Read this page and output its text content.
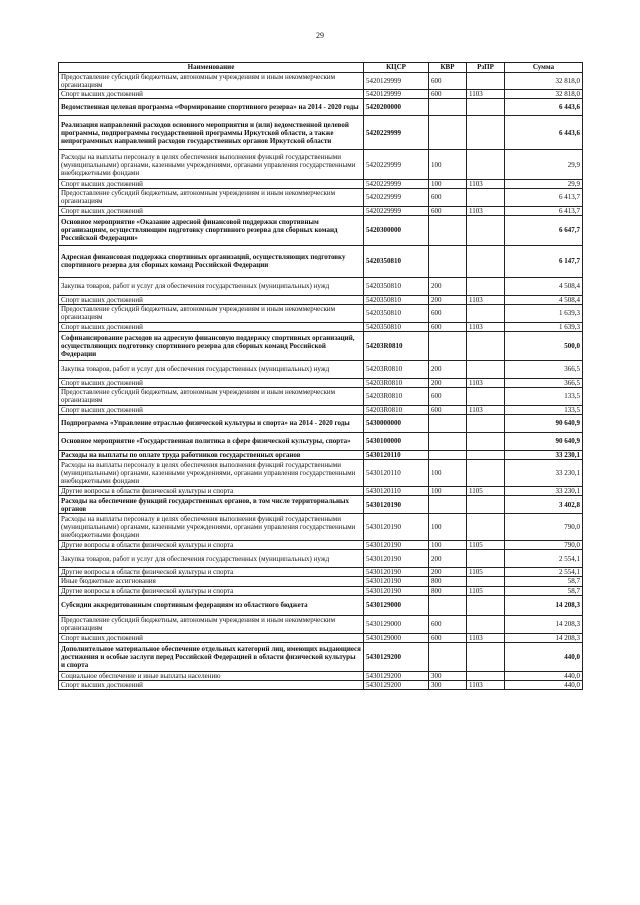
29
Наименование	КЦСР	КВР	РзПР	Сумма
Предоставление субсидий бюджетным, автономным учреждениям и иным некоммерческим организациям	5420129999	600		32 818,0
Спорт высших достижений	5420129999	600	1103	32 818,0
Ведомственная целевая программа «Формирование спортивного резерва» на 2014 - 2020 годы	5420200000			6 443,6
Реализация направлений расходов основного мероприятия и (или) ведомственной целевой программы, подпрограммы государственной программы Иркутской области, а также непрограммных направлений расходов государственных органов Иркутской области	5420229999			6 443,6
Расходы на выплаты персоналу в целях обеспечения выполнения функций государственными (муниципальными) органами, казенными учреждениями, органами управления государственными внебюджетными фондами	5420229999	100		29,9
Спорт высших достижений	5420229999	100	1103	29,9
Предоставление субсидий бюджетным, автономным учреждениям и иным некоммерческим организациям	5420229999	600		6 413,7
Спорт высших достижений	5420229999	600	1103	6 413,7
Основное мероприятие «Оказание адресной финансовой поддержки спортивным организациям, осуществляющим подготовку спортивного резерва для сборных команд Российской Федерации»	5420300000			6 647,7
Адресная финансовая поддержка спортивных организаций, осуществляющих подготовку спортивного резерва для сборных команд Российской Федерации	5420350810			6 147,7
Закупка товаров, работ и услуг для обеспечения государственных (муниципальных) нужд	5420350810	200		4 508,4
Спорт высших достижений	5420350810	200	1103	4 508,4
Предоставление субсидий бюджетным, автономным учреждениям и иным некоммерческим организациям	5420350810	600		1 639,3
Спорт высших достижений	5420350810	600	1103	1 639,3
Софинансирование расходов на адресную финансовую поддержку спортивных организаций, осуществляющих подготовку спортивного резерва для сборных команд Российской Федерации	54203R0810			500,0
Закупка товаров, работ и услуг для обеспечения государственных (муниципальных) нужд	54203R0810	200		366,5
Спорт высших достижений	54203R0810	200	1103	366,5
Предоставление субсидий бюджетным, автономным учреждениям и иным некоммерческим организациям	54203R0810	600		133,5
Спорт высших достижений	54203R0810	600	1103	133,5
Подпрограмма «Управление отраслью физической культуры и спорта» на 2014 - 2020 годы	5430000000			90 640,9
Основное мероприятие «Государственная политика в сфере физической культуры, спорта»	5430100000			90 640,9
Расходы на выплаты по оплате труда работников государственных органов	5430120110			33 230,1
Расходы на выплаты персоналу в целях обеспечения выполнения функций государственными (муниципальными) органами, казенными учреждениями, органами управления государственными внебюджетными фондами	5430120110	100		33 230,1
Другие вопросы в области физической культуры и спорта	5430120110	100	1105	33 230,1
Расходы на обеспечение функций государственных органов, в том числе территориальных органов	5430120190			3 402,8
Расходы на выплаты персоналу в целях обеспечения выполнения функций государственными (муниципальными) органами, казенными учреждениями, органами управления государственными внебюджетными фондами	5430120190	100		790,0
Другие вопросы в области физической культуры и спорта	5430120190	100	1105	790,0
Закупка товаров, работ и услуг для обеспечения государственных (муниципальных) нужд	5430120190	200		2 554,1
Другие вопросы в области физической культуры и спорта	5430120190	200	1105	2 554,1
Иные бюджетные ассигнования	5430120190	800		58,7
Другие вопросы в области физической культуры и спорта	5430120190	800	1105	58,7
Субсидии аккредитованным спортивным федерациям из областного бюджета	5430129000			14 208,3
Предоставление субсидий бюджетным, автономным учреждениям и иным некоммерческим организациям	5430129000	600		14 208,3
Спорт высших достижений	5430129000	600	1103	14 208,3
Дополнительное материальное обеспечение отдельных категорий лиц, имеющих выдающиеся достижения и особые заслуги перед Российской Федерацией в области физической культуры и спорта	5430129200			440,0
Социальное обеспечение и иные выплаты населению	5430129200	300		440,0
Спорт высших достижений	5430129200	300	1103	440,0
